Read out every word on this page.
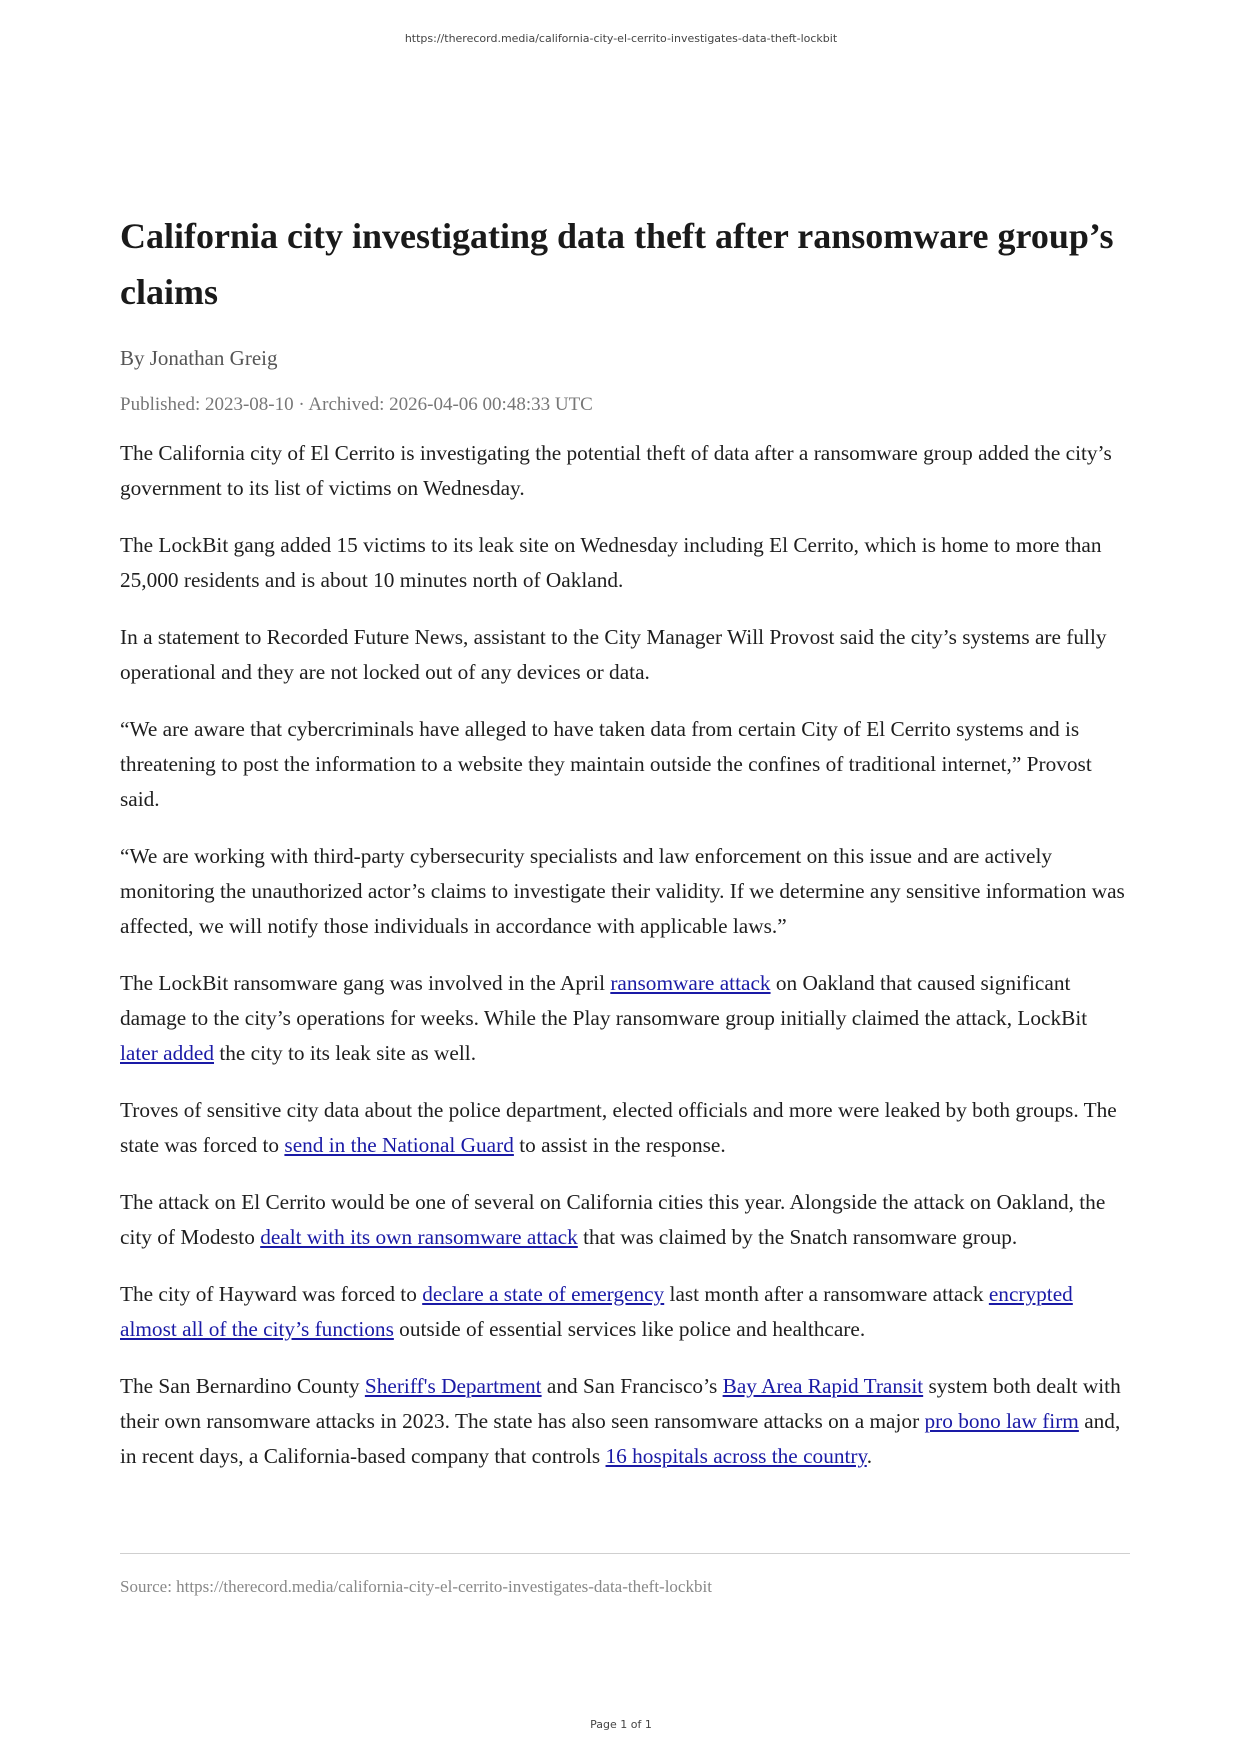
https://therecord.media/california-city-el-cerrito-investigates-data-theft-lockbit
California city investigating data theft after ransomware group’s claims
By Jonathan Greig
Published: 2023-08-10 · Archived: 2026-04-06 00:48:33 UTC

The California city of El Cerrito is investigating the potential theft of data after a ransomware group added the city’s government to its list of victims on Wednesday.

The LockBit gang added 15 victims to its leak site on Wednesday including El Cerrito, which is home to more than 25,000 residents and is about 10 minutes north of Oakland.

In a statement to Recorded Future News, assistant to the City Manager Will Provost said the city’s systems are fully operational and they are not locked out of any devices or data.

“We are aware that cybercriminals have alleged to have taken data from certain City of El Cerrito systems and is threatening to post the information to a website they maintain outside the confines of traditional internet,” Provost said.

“We are working with third-party cybersecurity specialists and law enforcement on this issue and are actively monitoring the unauthorized actor’s claims to investigate their validity. If we determine any sensitive information was affected, we will notify those individuals in accordance with applicable laws.”

The LockBit ransomware gang was involved in the April ransomware attack on Oakland that caused significant damage to the city’s operations for weeks. While the Play ransomware group initially claimed the attack, LockBit later added the city to its leak site as well.

Troves of sensitive city data about the police department, elected officials and more were leaked by both groups. The state was forced to send in the National Guard to assist in the response.

The attack on El Cerrito would be one of several on California cities this year. Alongside the attack on Oakland, the city of Modesto dealt with its own ransomware attack that was claimed by the Snatch ransomware group.

The city of Hayward was forced to declare a state of emergency last month after a ransomware attack encrypted almost all of the city’s functions outside of essential services like police and healthcare.

The San Bernardino County Sheriff's Department and San Francisco’s Bay Area Rapid Transit system both dealt with their own ransomware attacks in 2023. The state has also seen ransomware attacks on a major pro bono law firm and, in recent days, a California-based company that controls 16 hospitals across the country.

Source: https://therecord.media/california-city-el-cerrito-investigates-data-theft-lockbit
Page 1 of 1
